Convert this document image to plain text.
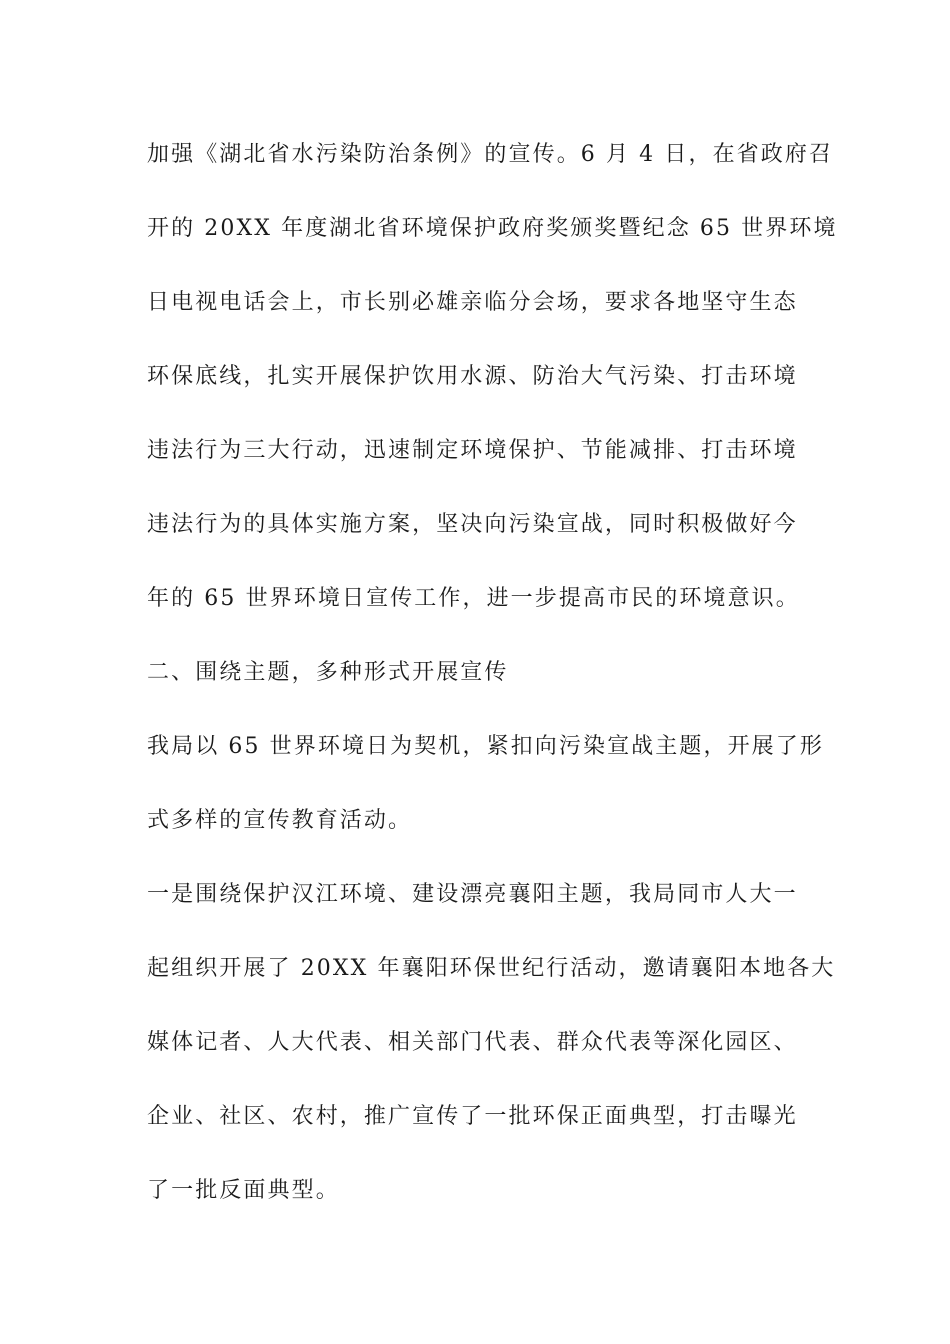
加强《湖北省水污染防治条例》的宣传。6 月 4 日，在省政府召
开的 20XX 年度湖北省环境保护政府奖颁奖暨纪念 65 世界环境
日电视电话会上，市长别必雄亲临分会场，要求各地坚守生态
环保底线，扎实开展保护饮用水源、防治大气污染、打击环境
违法行为三大行动，迅速制定环境保护、节能减排、打击环境
违法行为的具体实施方案，坚决向污染宣战，同时积极做好今
年的 65 世界环境日宣传工作，进一步提高市民的环境意识。
二、围绕主题，多种形式开展宣传
我局以 65 世界环境日为契机，紧扣向污染宣战主题，开展了形
式多样的宣传教育活动。
一是围绕保护汉江环境、建设漂亮襄阳主题，我局同市人大一
起组织开展了 20XX 年襄阳环保世纪行活动，邀请襄阳本地各大
媒体记者、人大代表、相关部门代表、群众代表等深化园区、
企业、社区、农村，推广宣传了一批环保正面典型，打击曝光
了一批反面典型。
